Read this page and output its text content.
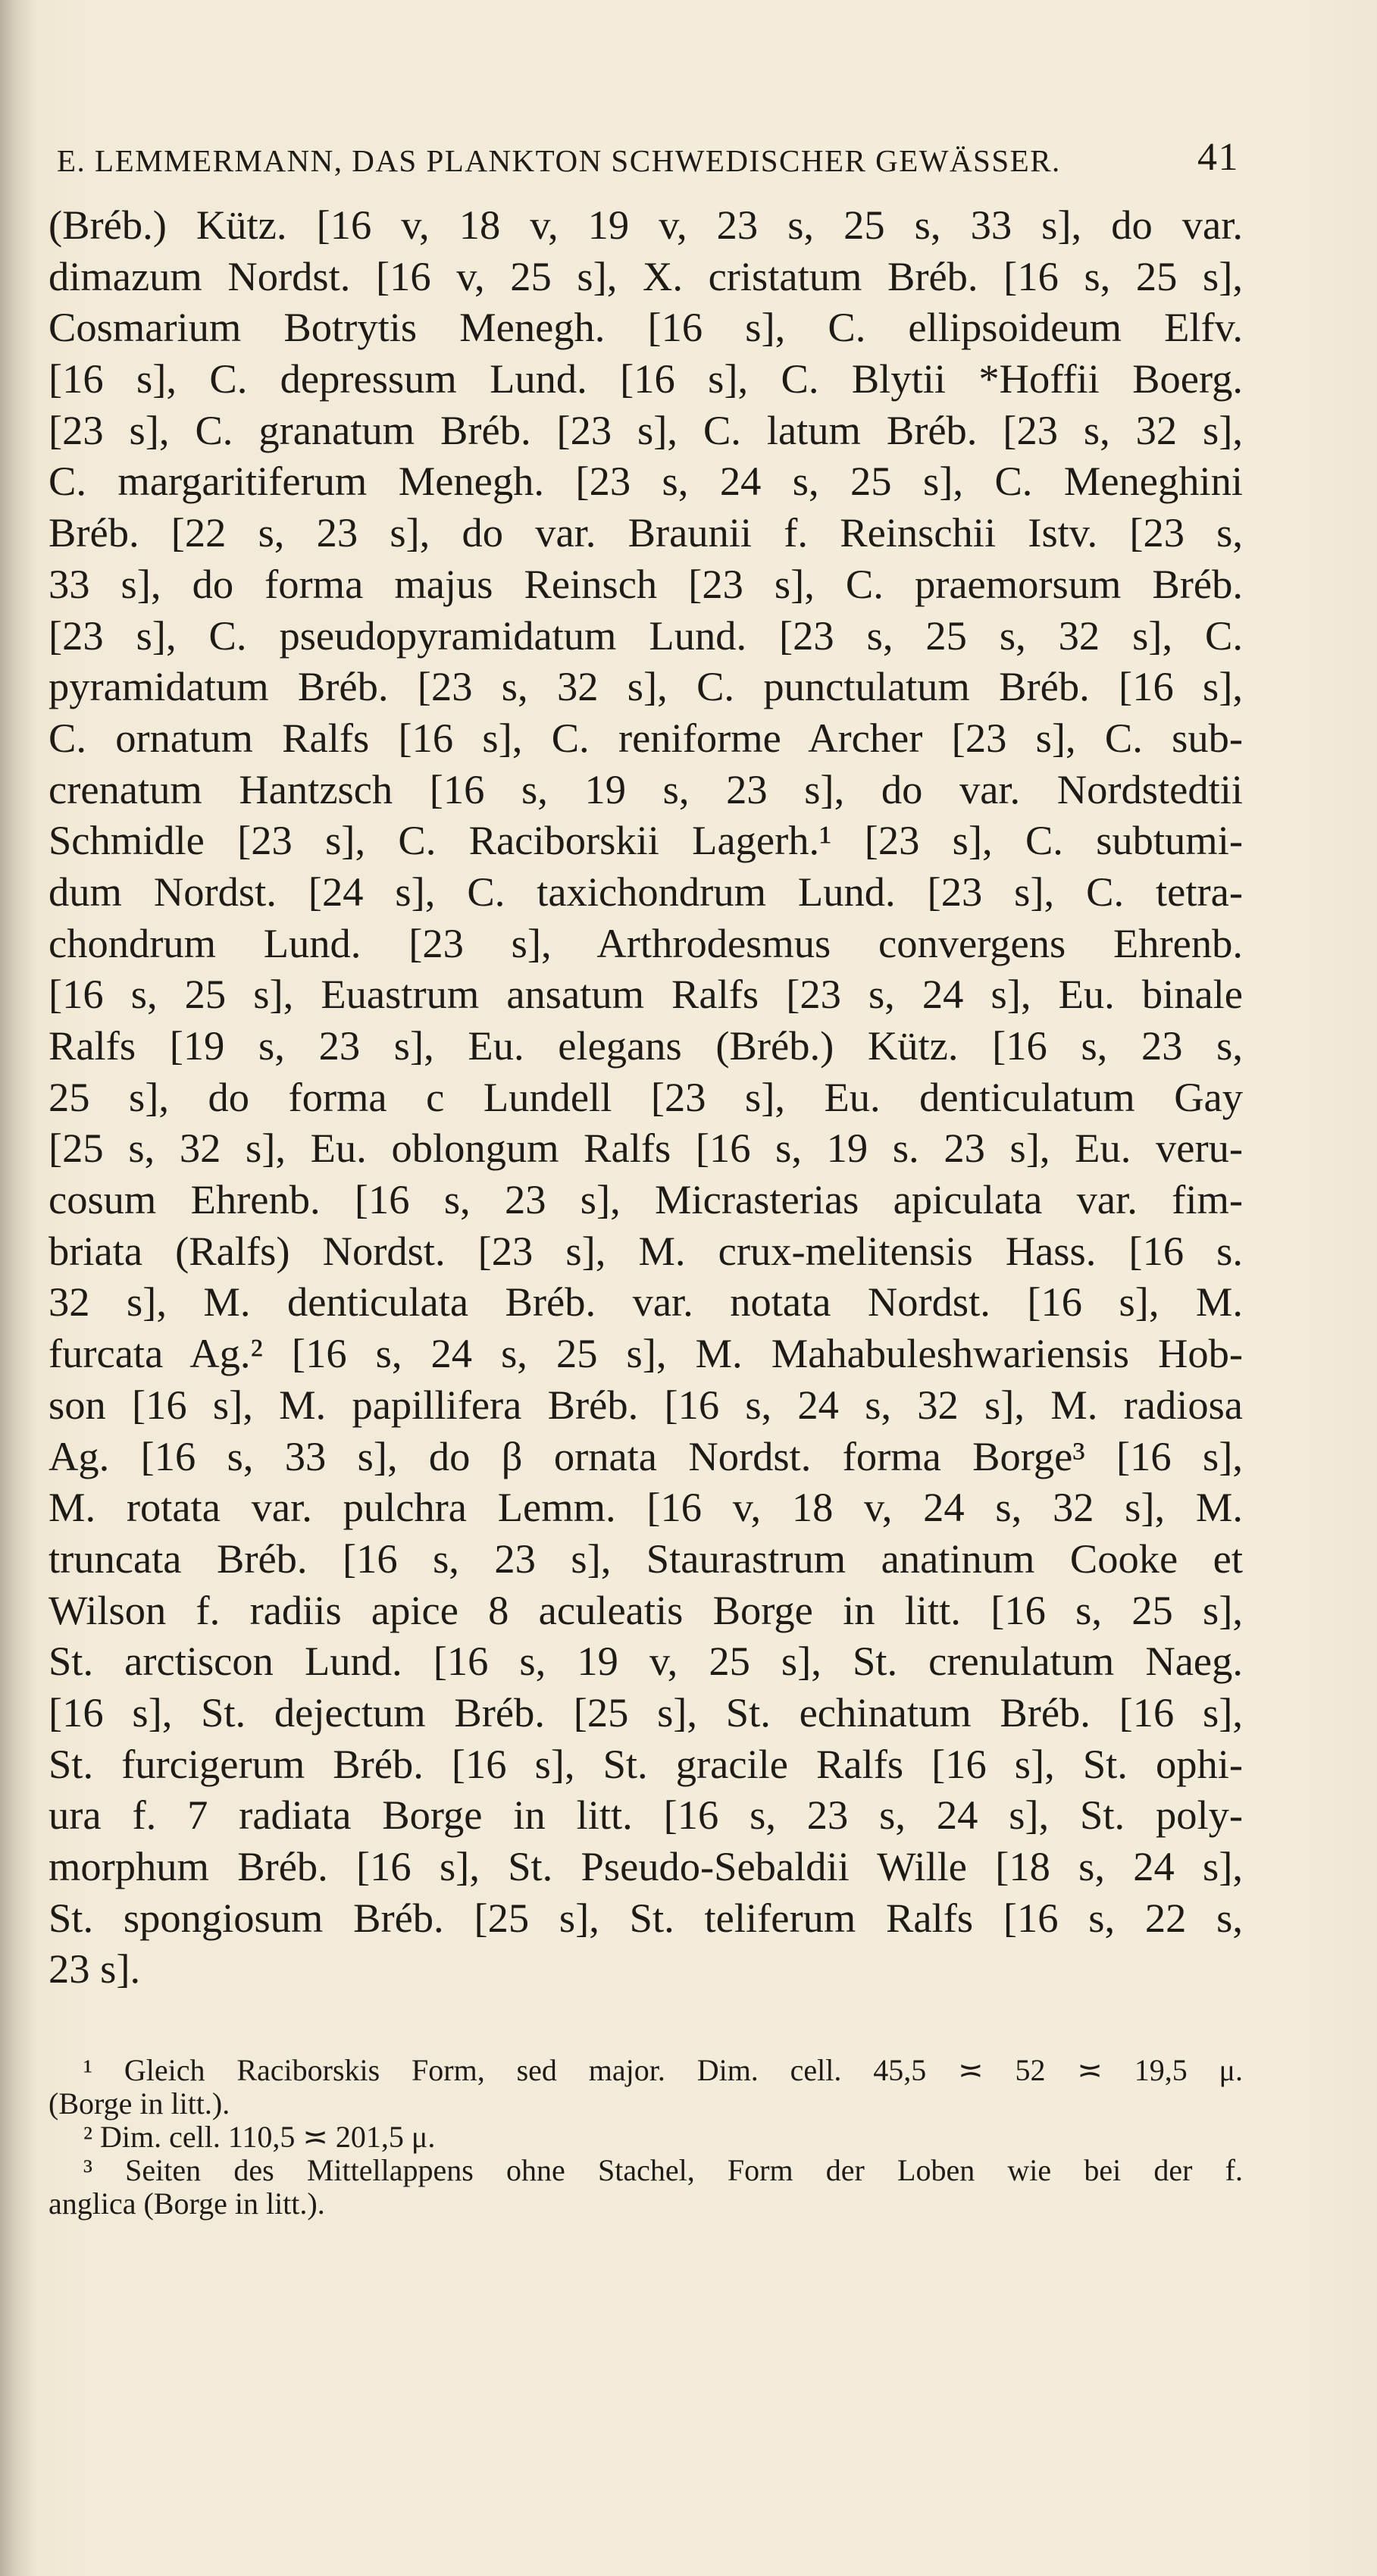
E. LEMMERMANN, DAS PLANKTON SCHWEDISCHER GEWÄSSER.	41
(Bréb.) Kütz. [16 v, 18 v, 19 v, 23 s, 25 s, 33 s], do var.
dimazum Nordst. [16 v, 25 s], X. cristatum Bréb. [16 s, 25 s],
Cosmarium Botrytis Menegh. [16 s], C. ellipsoideum Elfv.
[16 s], C. depressum Lund. [16 s], C. Blytii *Hoffii Boerg.
[23 s], C. granatum Bréb. [23 s], C. latum Bréb. [23 s, 32 s],
C. margaritiferum Menegh. [23 s, 24 s, 25 s], C. Meneghini
Bréb. [22 s, 23 s], do var. Braunii f. Reinschii Istv. [23 s,
33 s], do forma majus Reinsch [23 s], C. praemorsum Bréb.
[23 s], C. pseudopyramidatum Lund. [23 s, 25 s, 32 s], C.
pyramidatum Bréb. [23 s, 32 s], C. punctulatum Bréb. [16 s],
C. ornatum Ralfs [16 s], C. reniforme Archer [23 s], C. sub-
crenatum Hantzsch [16 s, 19 s, 23 s], do var. Nordstedtii
Schmidle [23 s], C. Raciborskii Lagerh.¹ [23 s], C. subtumi-
dum Nordst. [24 s], C. taxichondrum Lund. [23 s], C. tetra-
chondrum Lund. [23 s], Arthrodesmus convergens Ehrenb.
[16 s, 25 s], Euastrum ansatum Ralfs [23 s, 24 s], Eu. binale
Ralfs [19 s, 23 s], Eu. elegans (Bréb.) Kütz. [16 s, 23 s,
25 s], do forma c Lundell [23 s], Eu. denticulatum Gay
[25 s, 32 s], Eu. oblongum Ralfs [16 s, 19 s. 23 s], Eu. veru-
cosum Ehrenb. [16 s, 23 s], Micrasterias apiculata var. fim-
briata (Ralfs) Nordst. [23 s], M. crux-melitensis Hass. [16 s.
32 s], M. denticulata Bréb. var. notata Nordst. [16 s], M.
furcata Ag.² [16 s, 24 s, 25 s], M. Mahabuleshwariensis Hob-
son [16 s], M. papillifera Bréb. [16 s, 24 s, 32 s], M. radiosa
Ag. [16 s, 33 s], do β ornata Nordst. forma Borge³ [16 s],
M. rotata var. pulchra Lemm. [16 v, 18 v, 24 s, 32 s], M.
truncata Bréb. [16 s, 23 s], Staurastrum anatinum Cooke et
Wilson f. radiis apice 8 aculeatis Borge in litt. [16 s, 25 s],
St. arctiscon Lund. [16 s, 19 v, 25 s], St. crenulatum Naeg.
[16 s], St. dejectum Bréb. [25 s], St. echinatum Bréb. [16 s],
St. furcigerum Bréb. [16 s], St. gracile Ralfs [16 s], St. ophi-
ura f. 7 radiata Borge in litt. [16 s, 23 s, 24 s], St. poly-
morphum Bréb. [16 s], St. Pseudo-Sebaldii Wille [18 s, 24 s],
St. spongiosum Bréb. [25 s], St. teliferum Ralfs [16 s, 22 s,
23 s].
¹ Gleich Raciborskis Form, sed major. Dim. cell. 45,5 ≍ 52 ≍ 19,5 μ.
(Borge in litt.).
² Dim. cell. 110,5 ≍ 201,5 μ.
³ Seiten des Mittellappens ohne Stachel, Form der Loben wie bei der f.
anglica (Borge in litt.).
